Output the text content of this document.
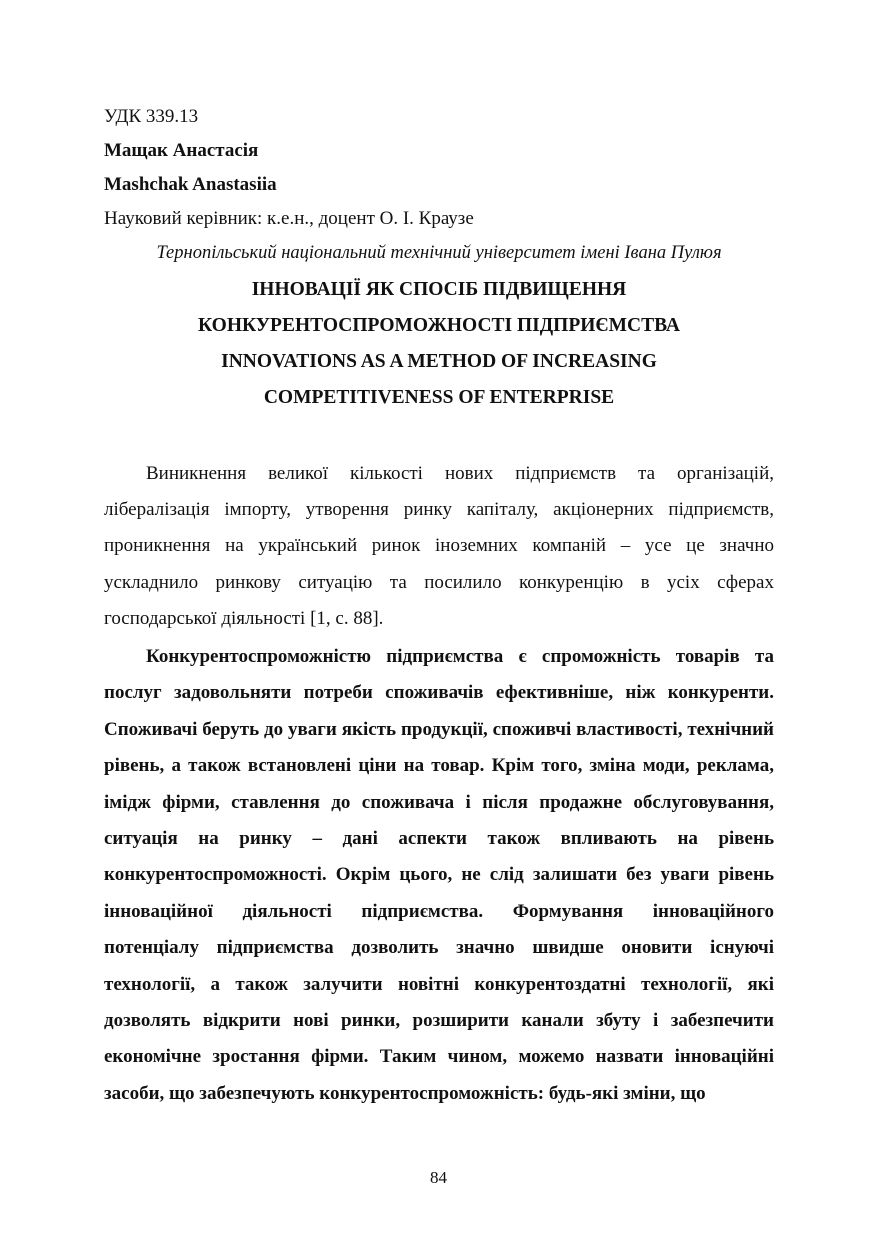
УДК 339.13

Мащак Анастасія

Mashchak Anastasiia

Науковий керівник: к.е.н., доцент О. І. Краузе

Тернопільський національний технічний університет імені Івана Пулюя

ІННОВАЦІЇ ЯК СПОСІБ ПІДВИЩЕННЯ
КОНКУРЕНТОСПРОМОЖНОСТІ ПІДПРИЄМСТВА
INNOVATIONS AS A METHOD OF INCREASING
COMPETITIVENESS OF ENTERPRISE

Виникнення великої кількості нових підприємств та організацій, лібералізація імпорту, утворення ринку капіталу, акціонерних підприємств, проникнення на український ринок іноземних компаній – усе це значно ускладнило ринкову ситуацію та посилило конкуренцію в усіх сферах господарської діяльності [1, с. 88].

Конкурентоспроможністю підприємства є спроможність товарів та послуг задовольняти потреби споживачів ефективніше, ніж конкуренти. Споживачі беруть до уваги якість продукції, споживчі властивості, технічний рівень, а також встановлені ціни на товар. Крім того, зміна моди, реклама, імідж фірми, ставлення до споживача і після продажне обслуговування, ситуація на ринку – дані аспекти також впливають на рівень конкурентоспроможності. Окрім цього, не слід залишати без уваги рівень інноваційної діяльності підприємства. Формування інноваційного потенціалу підприємства дозволить значно швидше оновити існуючі технології, а також залучити новітні конкурентоздатні технології, які дозволять відкрити нові ринки, розширити канали збуту і забезпечити економічне зростання фірми. Таким чином, можемо назвати інноваційні засоби, що забезпечують конкурентоспроможність: будь-які зміни, що

84
